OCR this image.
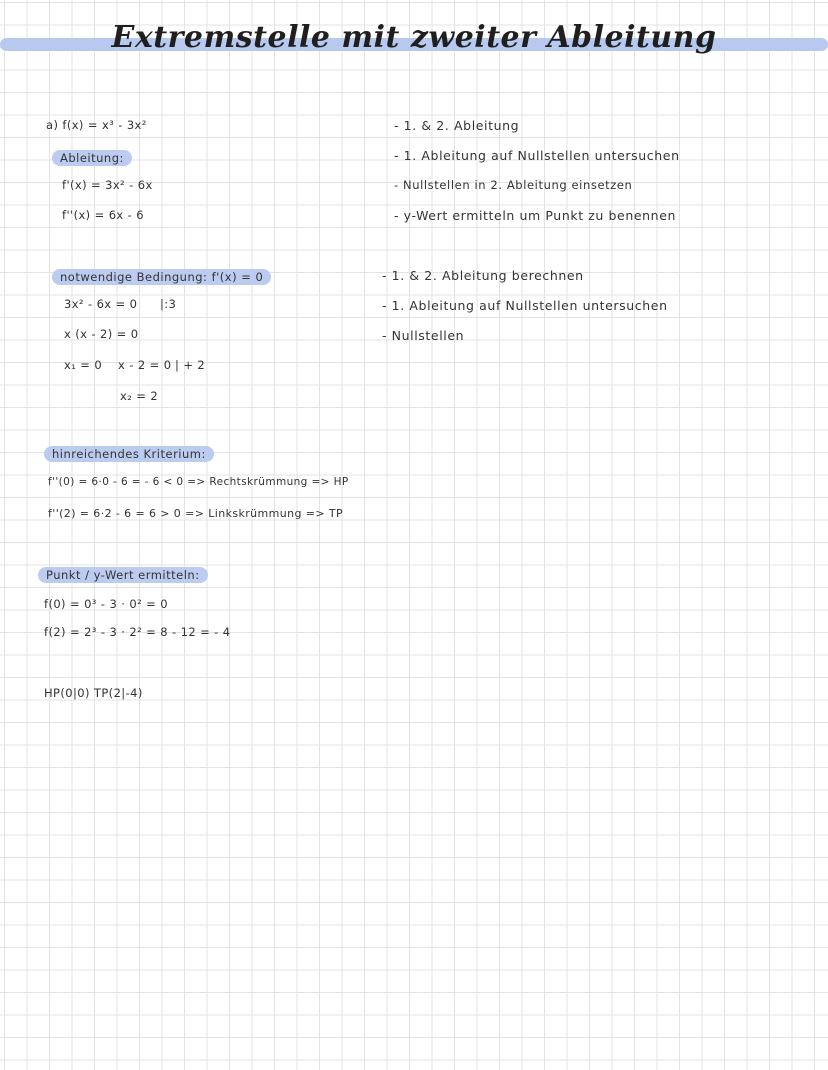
Extremstelle mit zweiter Ableitung
a) f(x) = x³ - 3x²
Ableitung:
f'(x) = 3x² - 6x
f''(x) = 6x - 6
notwendige Bedingung: f'(x) = 0
3x² - 6x = 0 |:3
x (x - 2) = 0
x₁ = 0 x - 2 = 0 | + 2
x₂ = 2
hinreichendes Kriterium:
f''(0) = 6·0 - 6 = - 6 < 0 => Rechtskrümmung => HP
f''(2) = 6·2 - 6 = 6 > 0 => Linkskrümmung => TP
Punkt / y-Wert ermitteln:
f(0) = 0³ - 3 · 0² = 0
f(2) = 2³ - 3 · 2² = 8 - 12 = - 4
HP(0|0) TP(2|-4)
- 1. & 2. Ableitung
- 1. Ableitung auf Nullstellen untersuchen
- Nullstellen in 2. Ableitung einsetzen
- y-Wert ermitteln um Punkt zu benennen
- 1. & 2. Ableitung berechnen
- 1. Ableitung auf Nullstellen untersuchen
- Nullstellen
